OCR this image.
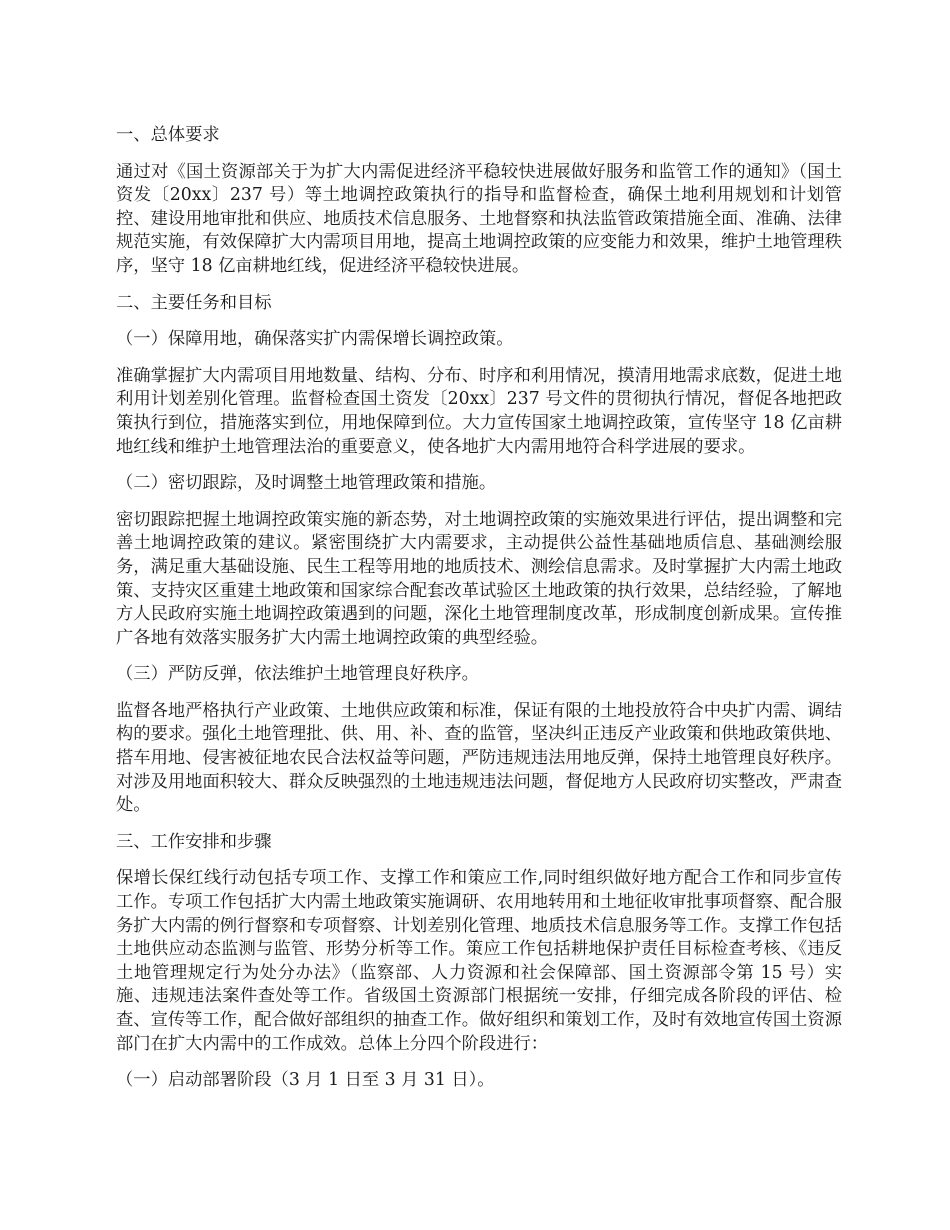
一、总体要求

通过对《国土资源部关于为扩大内需促进经济平稳较快进展做好服务和监管工作的通知》（国土资发〔20xx〕237 号）等土地调控政策执行的指导和监督检查，确保土地利用规划和计划管控、建设用地审批和供应、地质技术信息服务、土地督察和执法监管政策措施全面、准确、法律规范实施，有效保障扩大内需项目用地，提高土地调控政策的应变能力和效果，维护土地管理秩序，坚守 18 亿亩耕地红线，促进经济平稳较快进展。

二、主要任务和目标

（一）保障用地，确保落实扩内需保增长调控政策。

准确掌握扩大内需项目用地数量、结构、分布、时序和利用情况，摸清用地需求底数，促进土地利用计划差别化管理。监督检查国土资发〔20xx〕237 号文件的贯彻执行情况，督促各地把政策执行到位，措施落实到位，用地保障到位。大力宣传国家土地调控政策，宣传坚守 18 亿亩耕地红线和维护土地管理法治的重要意义，使各地扩大内需用地符合科学进展的要求。

（二）密切跟踪，及时调整土地管理政策和措施。

密切跟踪把握土地调控政策实施的新态势，对土地调控政策的实施效果进行评估，提出调整和完善土地调控政策的建议。紧密围绕扩大内需要求，主动提供公益性基础地质信息、基础测绘服务，满足重大基础设施、民生工程等用地的地质技术、测绘信息需求。及时掌握扩大内需土地政策、支持灾区重建土地政策和国家综合配套改革试验区土地政策的执行效果，总结经验，了解地方人民政府实施土地调控政策遇到的问题，深化土地管理制度改革，形成制度创新成果。宣传推广各地有效落实服务扩大内需土地调控政策的典型经验。

（三）严防反弹，依法维护土地管理良好秩序。

监督各地严格执行产业政策、土地供应政策和标准，保证有限的土地投放符合中央扩内需、调结构的要求。强化土地管理批、供、用、补、查的监管，坚决纠正违反产业政策和供地政策供地、搭车用地、侵害被征地农民合法权益等问题，严防违规违法用地反弹，保持土地管理良好秩序。对涉及用地面积较大、群众反映强烈的土地违规违法问题，督促地方人民政府切实整改，严肃查处。

三、工作安排和步骤

保增长保红线行动包括专项工作、支撑工作和策应工作,同时组织做好地方配合工作和同步宣传工作。专项工作包括扩大内需土地政策实施调研、农用地转用和土地征收审批事项督察、配合服务扩大内需的例行督察和专项督察、计划差别化管理、地质技术信息服务等工作。支撑工作包括土地供应动态监测与监管、形势分析等工作。策应工作包括耕地保护责任目标检查考核、《违反土地管理规定行为处分办法》（监察部、人力资源和社会保障部、国土资源部令第 15 号）实施、违规违法案件查处等工作。省级国土资源部门根据统一安排，仔细完成各阶段的评估、检查、宣传等工作，配合做好部组织的抽查工作。做好组织和策划工作，及时有效地宣传国土资源部门在扩大内需中的工作成效。总体上分四个阶段进行：

（一）启动部署阶段（3 月 1 日至 3 月 31 日）。
